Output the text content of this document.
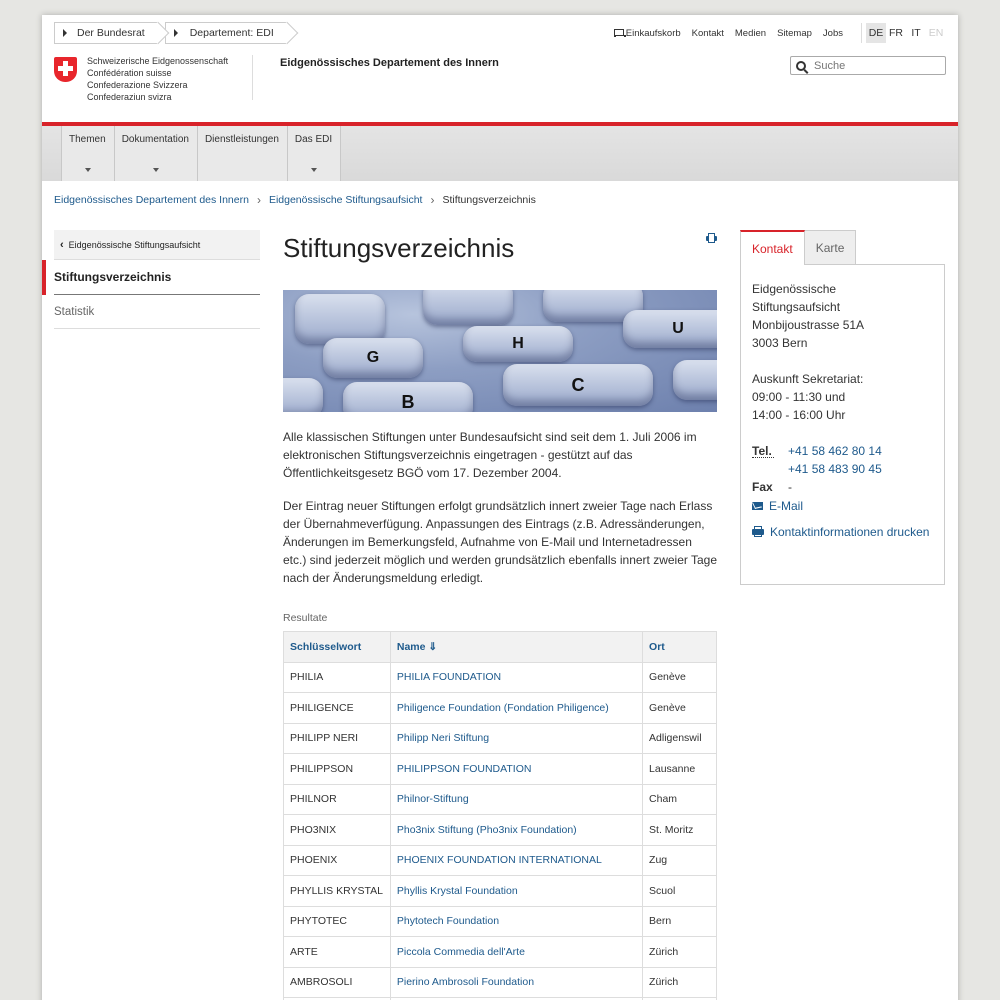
Der Bundesrat	Departement: EDI	Einkaufskorb Kontakt Medien Sitemap Jobs DE FR IT EN
Schweizerische Eidgenossenschaft
Confédération suisse
Confederazione Svizzera
Confederaziun svizra
Eidgenössisches Departement des Innern
Suche
Themen	Dokumentation	Dienstleistungen	Das EDI
Eidgenössisches Departement des Innern › Eidgenössische Stiftungsaufsicht › Stiftungsverzeichnis
‹ Eidgenössische Stiftungsaufsicht
Stiftungsverzeichnis
Statistik
Stiftungsverzeichnis
G
H
U
B
C

Alle klassischen Stiftungen unter Bundesaufsicht sind seit dem 1. Juli 2006 im elektronischen Stiftungsverzeichnis eingetragen - gestützt auf das Öffentlichkeitsgesetz BGÖ vom 17. Dezember 2004.

Der Eintrag neuer Stiftungen erfolgt grundsätzlich innert zweier Tage nach Erlass der Übernahmeverfügung. Anpassungen des Eintrags (z.B. Adressänderungen, Änderungen im Bemerkungsfeld, Aufnahme von E-Mail und Internetadressen etc.) sind jederzeit möglich und werden grundsätzlich ebenfalls innert zweier Tage nach der Änderungsmeldung erledigt.

Resultate
Schlüsselwort	Name ⇓	Ort
PHILIA	PHILIA FOUNDATION	Genève
PHILIGENCE	Philigence Foundation (Fondation Philigence)	Genève
PHILIPP NERI	Philipp Neri Stiftung	Adligenswil
PHILIPPSON	PHILIPPSON FOUNDATION	Lausanne
PHILNOR	Philnor-Stiftung	Cham
PHO3NIX	Pho3nix Stiftung (Pho3nix Foundation)	St. Moritz
PHOENIX	PHOENIX FOUNDATION INTERNATIONAL	Zug
PHYLLIS KRYSTAL	Phyllis Krystal Foundation	Scuol
PHYTOTEC	Phytotech Foundation	Bern
ARTE	Piccola Commedia dell'Arte	Zürich
AMBROSOLI	Pierino Ambrosoli Foundation	Zürich

Kontakt	Karte
Eidgenössische
Stiftungsaufsicht
Monbijoustrasse 51A
3003 Bern
Auskunft Sekretariat:
09:00 - 11:30 und
14:00 - 16:00 Uhr
Tel. +41 58 462 80 14
+41 58 483 90 45
Fax	-
E-Mail
Kontaktinformationen drucken
